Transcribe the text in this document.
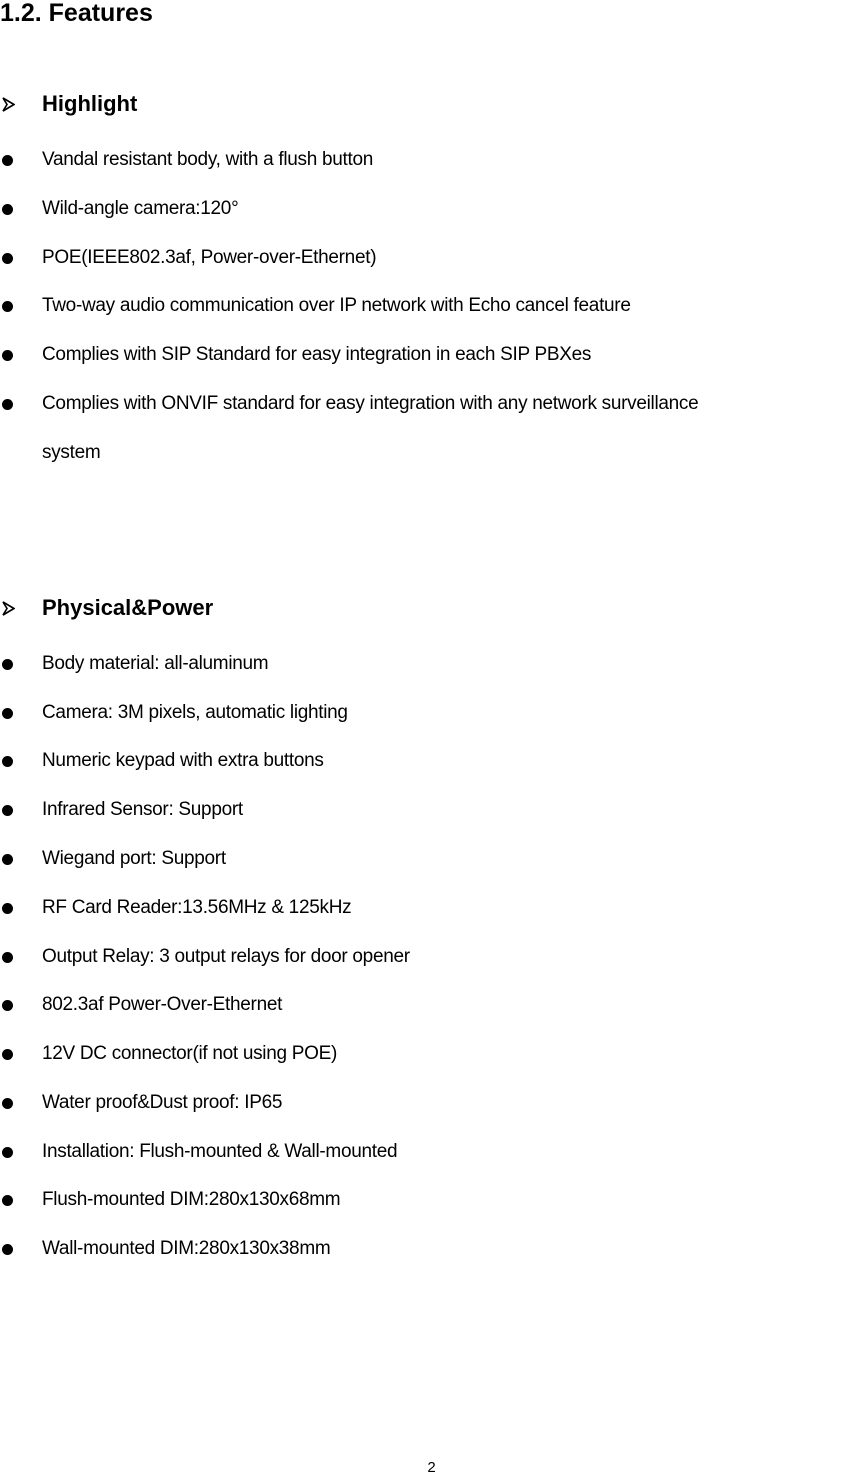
1.2. Features
Highlight
Vandal resistant body, with a flush button
Wild-angle camera:120°
POE(IEEE802.3af, Power-over-Ethernet)
Two-way audio communication over IP network with Echo cancel feature
Complies with SIP Standard for easy integration in each SIP PBXes
Complies with ONVIF standard for easy integration with any network surveillance
system
Physical&Power
Body material: all-aluminum
Camera: 3M pixels, automatic lighting
Numeric keypad with extra buttons
Infrared Sensor: Support
Wiegand port: Support
RF Card Reader:13.56MHz & 125kHz
Output Relay: 3 output relays for door opener
802.3af Power-Over-Ethernet
12V DC connector(if not using POE)
Water proof&Dust proof: IP65
Installation: Flush-mounted & Wall-mounted
Flush-mounted DIM:280x130x68mm
Wall-mounted DIM:280x130x38mm
2
